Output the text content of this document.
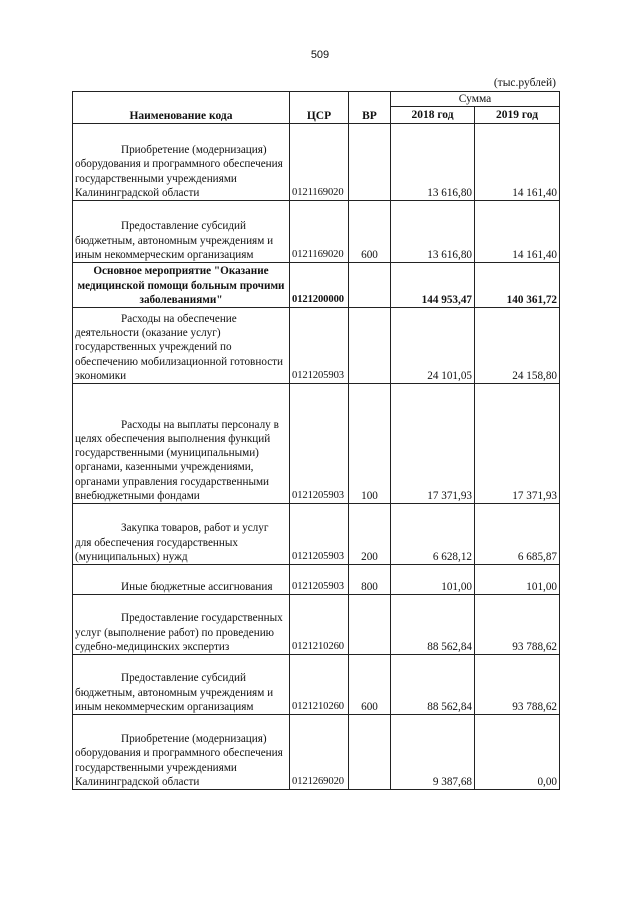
509
(тыс.рублей)
Наименование кода	ЦСР	ВР	Сумма	
			2018 год	2019 год
Приобретение (модернизация) оборудования и программного обеспечения государственными учреждениями Калининградской области	0121169020		13 616,80	14 161,40
Предоставление субсидий бюджетным, автономным учреждениям и иным некоммерческим организациям	0121169020	600	13 616,80	14 161,40
Основное мероприятие "Оказание медицинской помощи больным прочими заболеваниями"	0121200000		144 953,47	140 361,72
Расходы на обеспечение деятельности (оказание услуг) государственных учреждений по обеспечению мобилизационной готовности экономики	0121205903		24 101,05	24 158,80
Расходы на выплаты персоналу в целях обеспечения выполнения функций государственными (муниципальными) органами, казенными учреждениями, органами управления государственными внебюджетными фондами	0121205903	100	17 371,93	17 371,93
Закупка товаров, работ и услуг для обеспечения государственных (муниципальных) нужд	0121205903	200	6 628,12	6 685,87
Иные бюджетные ассигнования	0121205903	800	101,00	101,00
Предоставление государственных услуг (выполнение работ) по проведению судебно-медицинских экспертиз	0121210260		88 562,84	93 788,62
Предоставление субсидий бюджетным, автономным учреждениям и иным некоммерческим организациям	0121210260	600	88 562,84	93 788,62
Приобретение (модернизация) оборудования и программного обеспечения государственными учреждениями Калининградской области	0121269020		9 387,68	0,00
